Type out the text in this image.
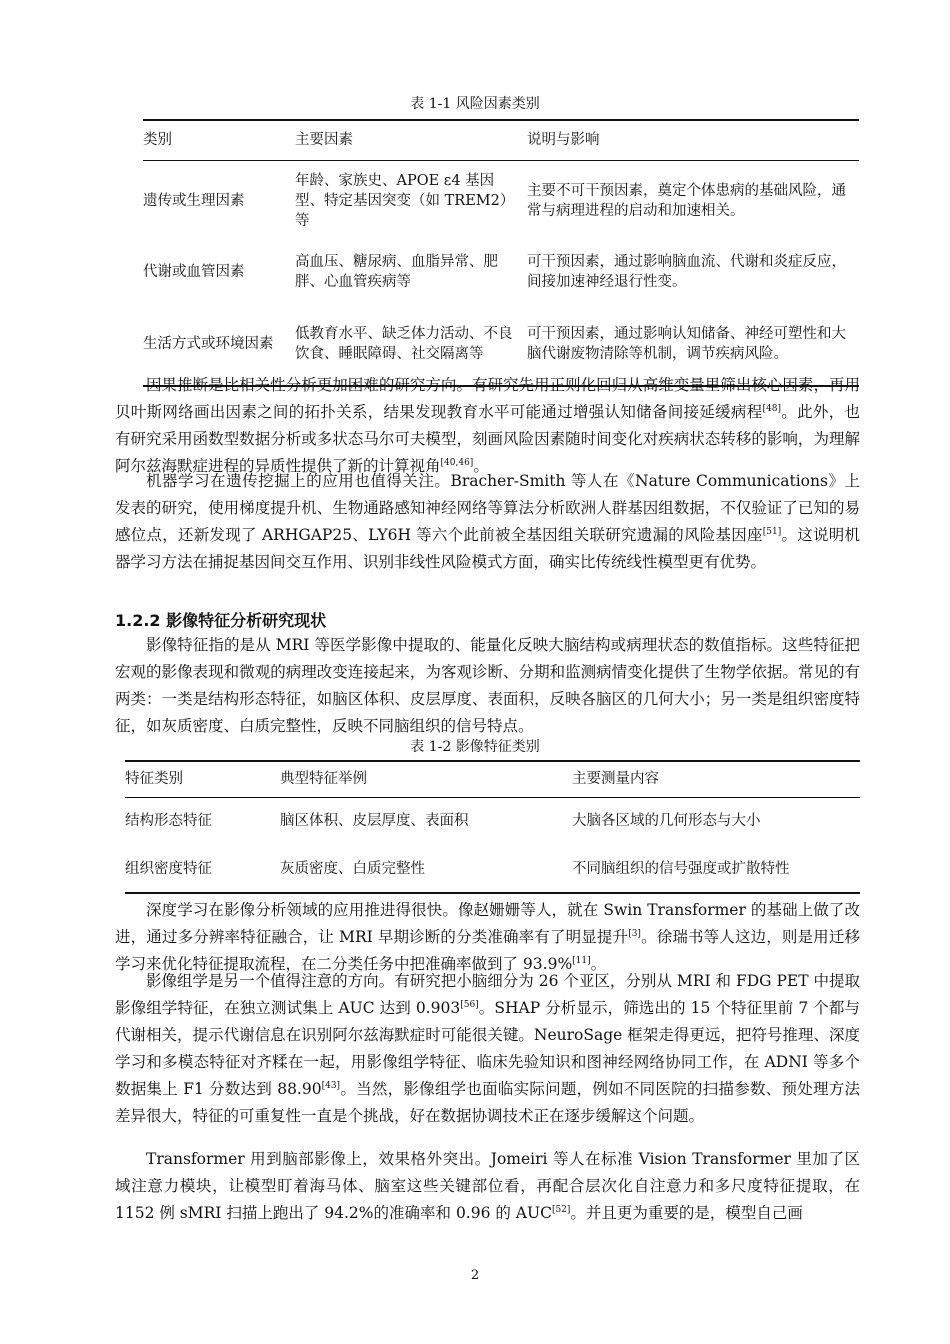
表 1-1 风险因素类别
类别	主要因素	说明与影响
遗传或生理因素	年龄、家族史、APOE ε4 基因型、特定基因突变（如 TREM2）等	主要不可干预因素，奠定个体患病的基础风险，通常与病理进程的启动和加速相关。
代谢或血管因素	高血压、糖尿病、血脂异常、肥胖、心血管疾病等	可干预因素，通过影响脑血流、代谢和炎症反应，间接加速神经退行性变。
生活方式或环境因素	低教育水平、缺乏体力活动、不良饮食、睡眠障碍、社交隔离等	可干预因素，通过影响认知储备、神经可塑性和大脑代谢废物清除等机制，调节疾病风险。

因果推断是比相关性分析更加困难的研究方向。有研究先用正则化回归从高维变量里筛出核心因素，再用贝叶斯网络画出因素之间的拓扑关系，结果发现教育水平可能通过增强认知储备间接延缓病程[48]。此外，也有研究采用函数型数据分析或多状态马尔可夫模型，刻画风险因素随时间变化对疾病状态转移的影响，为理解阿尔兹海默症进程的异质性提供了新的计算视角[40,46]。

机器学习在遗传挖掘上的应用也值得关注。Bracher-Smith 等人在《Nature Communications》上发表的研究，使用梯度提升机、生物通路感知神经网络等算法分析欧洲人群基因组数据，不仅验证了已知的易感位点，还新发现了 ARHGAP25、LY6H 等六个此前被全基因组关联研究遗漏的风险基因座[51]。这说明机器学习方法在捕捉基因间交互作用、识别非线性风险模式方面，确实比传统线性模型更有优势。

1.2.2 影像特征分析研究现状

影像特征指的是从 MRI 等医学影像中提取的、能量化反映大脑结构或病理状态的数值指标。这些特征把宏观的影像表现和微观的病理改变连接起来，为客观诊断、分期和监测病情变化提供了生物学依据。常见的有两类：一类是结构形态特征，如脑区体积、皮层厚度、表面积，反映各脑区的几何大小；另一类是组织密度特征，如灰质密度、白质完整性，反映不同脑组织的信号特点。

表 1-2 影像特征类别
特征类别	典型特征举例	主要测量内容
结构形态特征	脑区体积、皮层厚度、表面积	大脑各区域的几何形态与大小
组织密度特征	灰质密度、白质完整性	不同脑组织的信号强度或扩散特性

深度学习在影像分析领域的应用推进得很快。像赵姗姗等人，就在 Swin Transformer 的基础上做了改进，通过多分辨率特征融合，让 MRI 早期诊断的分类准确率有了明显提升[3]。徐瑞书等人这边，则是用迁移学习来优化特征提取流程，在二分类任务中把准确率做到了 93.9%[11]。

影像组学是另一个值得注意的方向。有研究把小脑细分为 26 个亚区，分别从 MRI 和 FDG PET 中提取影像组学特征，在独立测试集上 AUC 达到 0.903[56]。SHAP 分析显示，筛选出的 15 个特征里前 7 个都与代谢相关，提示代谢信息在识别阿尔兹海默症时可能很关键。NeuroSage 框架走得更远，把符号推理、深度学习和多模态特征对齐糅在一起，用影像组学特征、临床先验知识和图神经网络协同工作，在 ADNI 等多个数据集上 F1 分数达到 88.90[43]。当然，影像组学也面临实际问题，例如不同医院的扫描参数、预处理方法差异很大，特征的可重复性一直是个挑战，好在数据协调技术正在逐步缓解这个问题。

Transformer 用到脑部影像上，效果格外突出。Jomeiri 等人在标准 Vision Transformer 里加了区域注意力模块，让模型盯着海马体、脑室这些关键部位看，再配合层次化自注意力和多尺度特征提取，在 1152 例 sMRI 扫描上跑出了 94.2%的准确率和 0.96 的 AUC[52]。并且更为重要的是，模型自己画

2
